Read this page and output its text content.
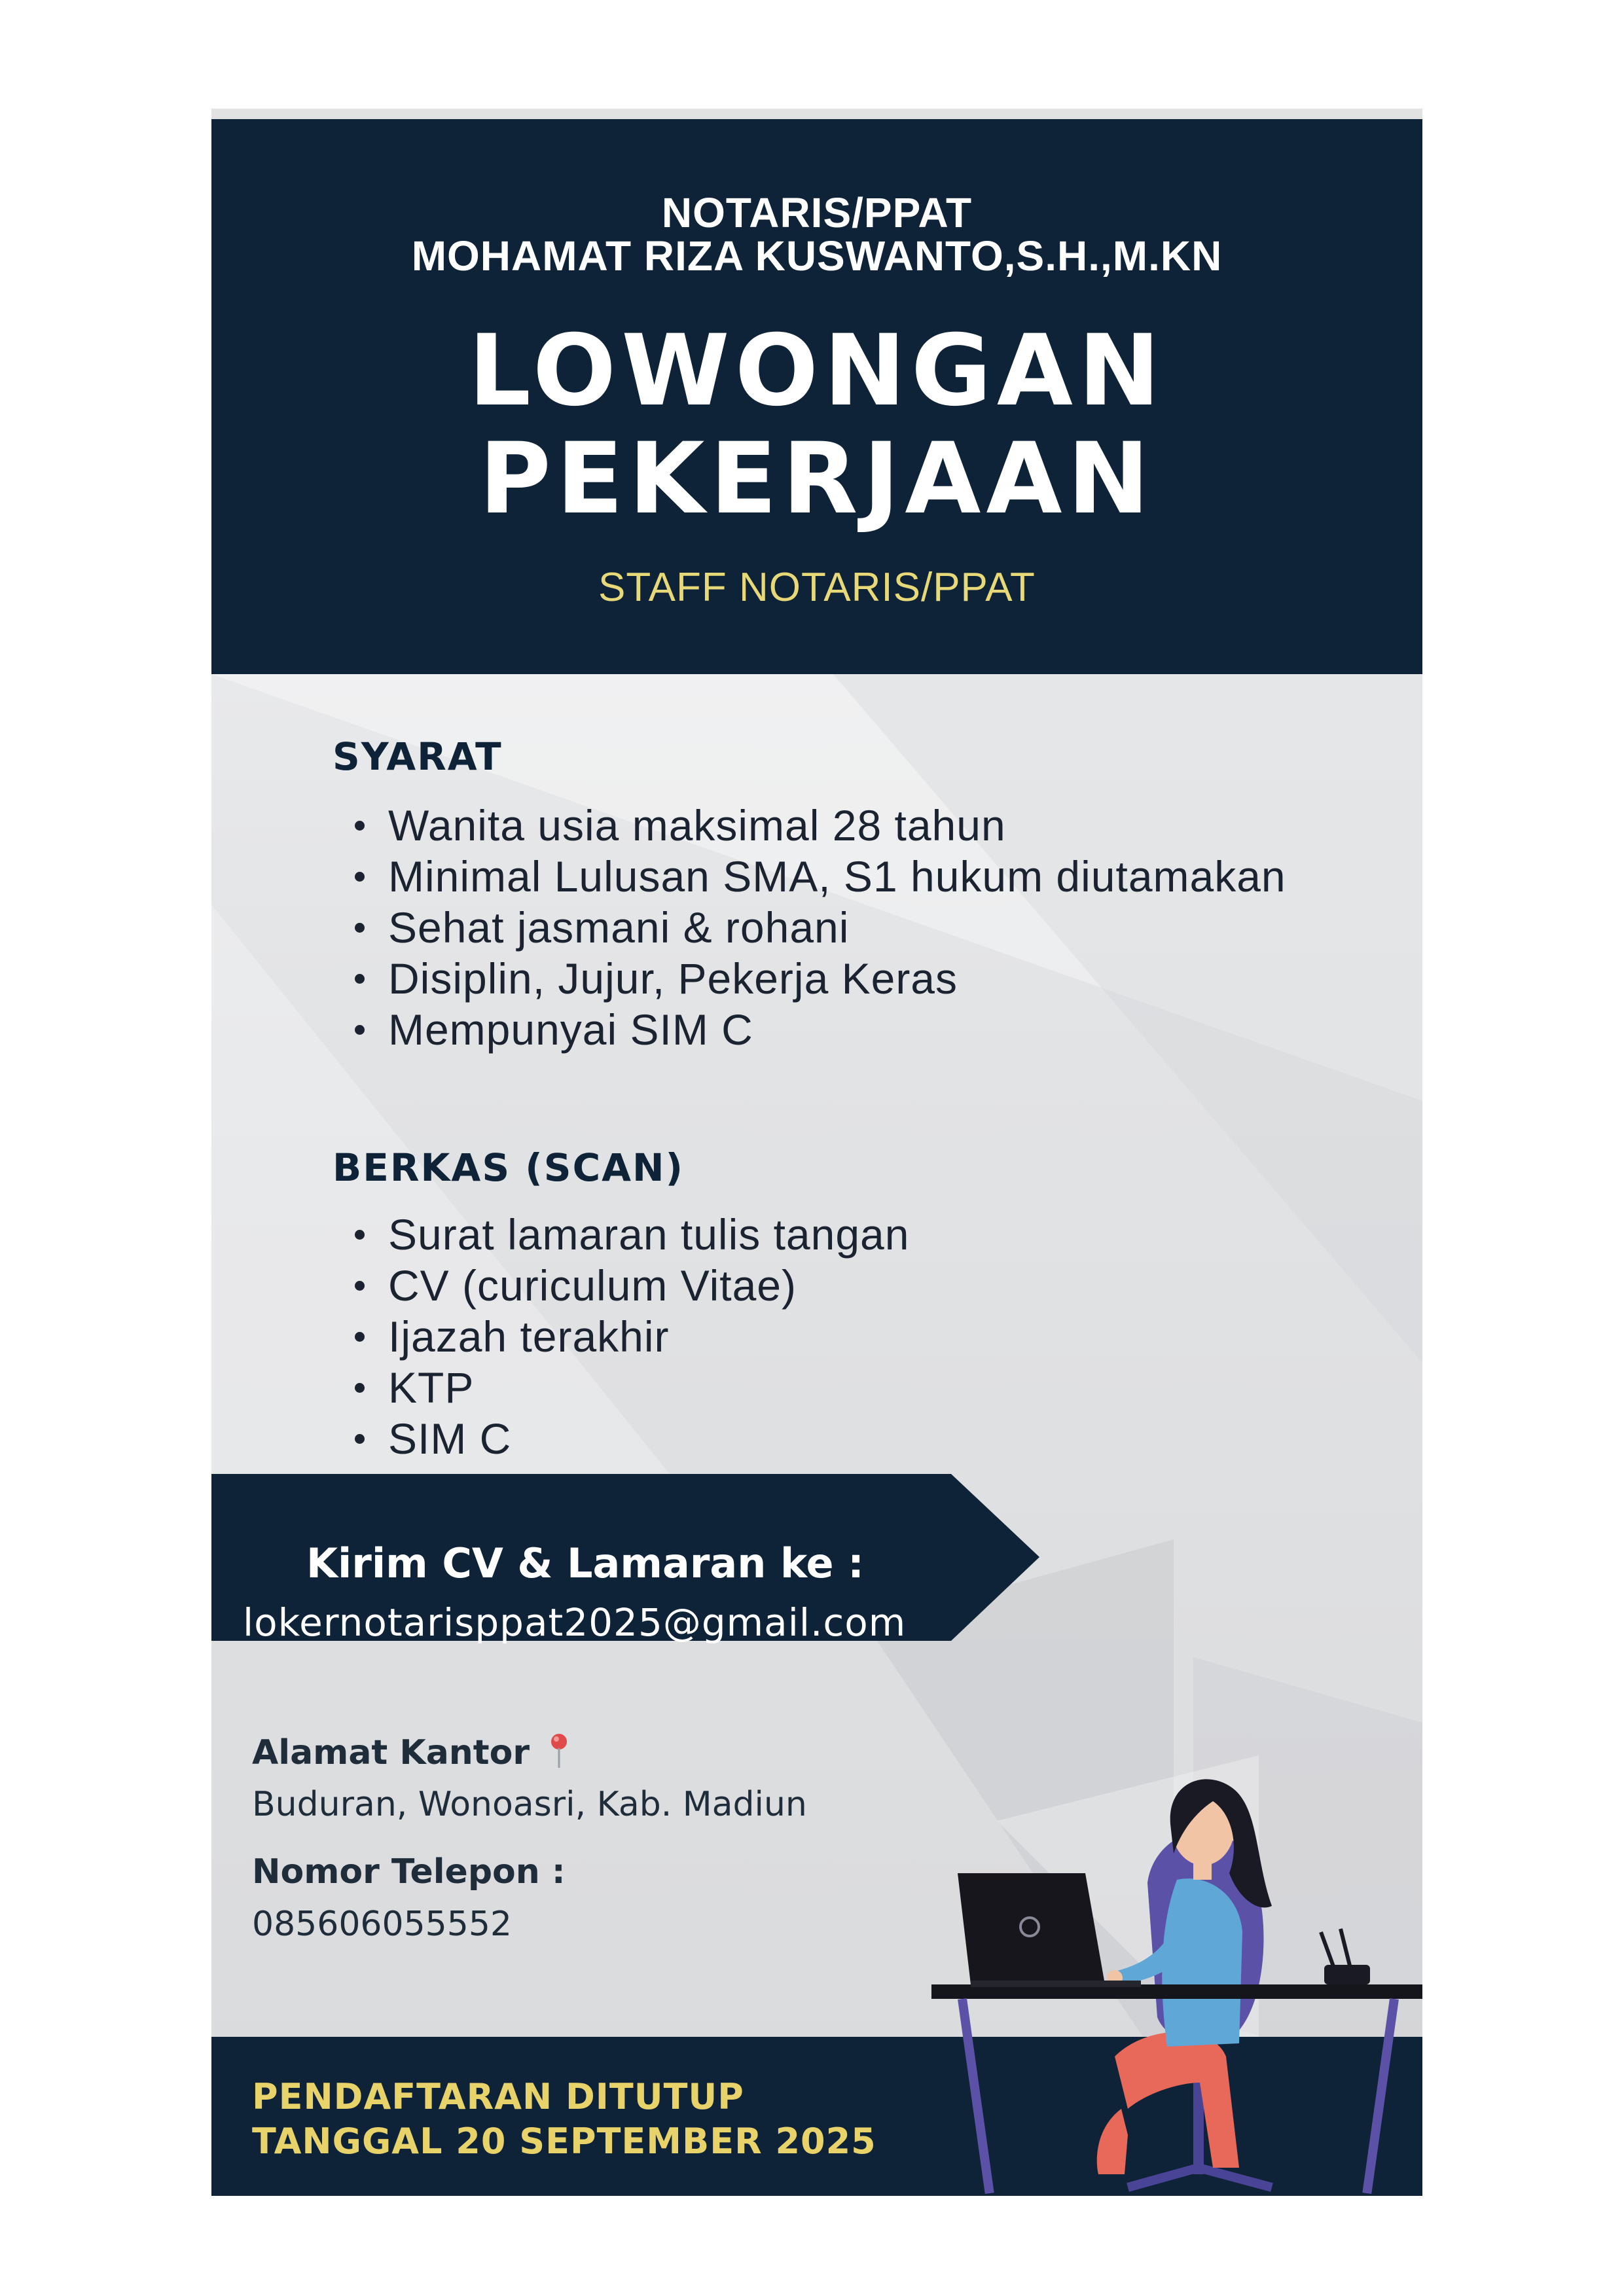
NOTARIS/PPAT
MOHAMAT RIZA KUSWANTO,S.H.,M.KN
LOWONGAN
PEKERJAAN
STAFF NOTARIS/PPAT
SYARAT
Wanita usia maksimal 28 tahun
Minimal Lulusan SMA, S1 hukum diutamakan
Sehat jasmani & rohani
Disiplin, Jujur, Pekerja Keras
Mempunyai SIM C
BERKAS (SCAN)
Surat lamaran tulis tangan
CV (curiculum Vitae)
Ijazah terakhir
KTP
SIM C
Kirim CV & Lamaran ke :
lokernotarisppat2025@gmail.com
Alamat Kantor
Buduran, Wonoasri, Kab. Madiun
Nomor Telepon :
085606055552
PENDAFTARAN DITUTUP
TANGGAL 20 SEPTEMBER 2025
